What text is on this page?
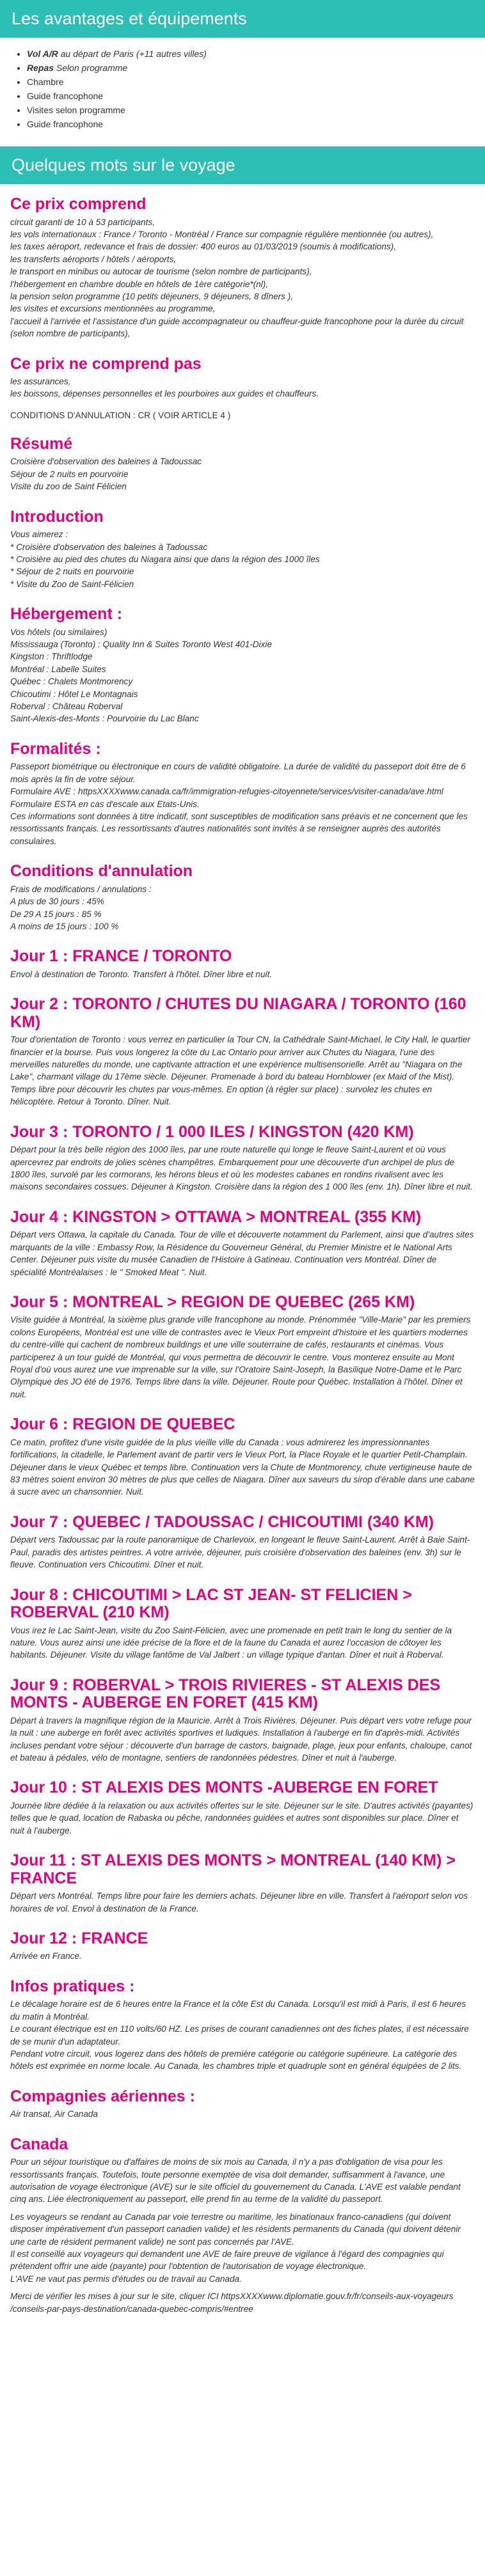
Les avantages et équipements
• Vol A/R au départ de Paris (+11 autres villes)
• Repas Selon programme
• Chambre
• Guide francophone
• Visites selon programme
• Guide francophone
Quelques mots sur le voyage
Ce prix comprend
circuit garanti de 10 à 53 participants,
les vols internationaux : France / Toronto - Montréal / France sur compagnie régulière mentionnée (ou autres),
les taxes aéroport, redevance et frais de dossier: 400 euros au 01/03/2019 (soumis à modifications),
les transferts aéroports / hôtels / aéroports,
le transport en minibus ou autocar de tourisme (selon nombre de participants),
l'hébergement en chambre double en hôtels de 1ère catégorie*(nl),
la pension selon programme (10 petits déjeuners, 9 déjeuners, 8 dîners ),
les visites et excursions mentionnées au programme,
l'accueil à l'arrivée et l'assistance d'un guide accompagnateur ou chauffeur-guide francophone pour la durée du circuit (selon nombre de participants),
Ce prix ne comprend pas
les assurances,
les boissons, dépenses personnelles et les pourboires aux guides et chauffeurs.
CONDITIONS D'ANNULATION : CR ( VOIR ARTICLE 4 )
Résumé
Croisière d'observation des baleines à Tadoussac
Séjour de 2 nuits en pourvoirie
Visite du zoo de Saint Félicien
Introduction
Vous aimerez :
* Croisière d'observation des baleines à Tadoussac
* Croisière au pied des chutes du Niagara ainsi que dans la région des 1000 îles
* Séjour de 2 nuits en pourvoirie
* Visite du Zoo de Saint-Félicien
Hébergement :
Vos hôtels (ou similaires)
Mississauga (Toronto) : Quality Inn & Suites Toronto West 401-Dixie
Kingston : Thriftlodge
Montréal : Labelle Suites
Québec : Chalets Montmorency
Chicoutimi : Hôtel Le Montagnais
Roberval : Château Roberval
Saint-Alexis-des-Monts : Pourvoirie du Lac Blanc
Formalités :
Passeport biométrique ou électronique en cours de validité obligatoire. La durée de validité du passeport doit être de 6 mois après la fin de votre séjour.
Formulaire AVE : httpsXXXXwww.canada.ca/fr/immigration-refugies-citoyennete/services/visiter-canada/ave.html
Formulaire ESTA en cas d'escale aux Etats-Unis.
Ces informations sont données à titre indicatif, sont susceptibles de modification sans préavis et ne concernent que les ressortissants français. Les ressortissants d'autres nationalités sont invités à se renseigner auprès des autorités consulaires.
Conditions d'annulation
Frais de modifications / annulations :
A plus de 30 jours : 45%
De 29 A 15 jours : 85 %
A moins de 15 jours : 100 %
Jour 1 : FRANCE / TORONTO
Envol à destination de Toronto. Transfert à l'hôtel. Dîner libre et nuit.
Jour 2 : TORONTO / CHUTES DU NIAGARA / TORONTO (160 KM)
Tour d'orientation de Toronto : vous verrez en particulier la Tour CN, la Cathédrale Saint-Michael, le City Hall, le quartier financier et la bourse. Puis vous longerez la côte du Lac Ontario pour arriver aux Chutes du Niagara, l'une des merveilles naturelles du monde, une captivante attraction et une expérience multisensorielle. Arrêt au "Niagara on the Lake", charmant village du 17ème siècle. Déjeuner. Promenade à bord du bateau Hornblower (ex Maid of the Mist). Temps libre pour découvrir les chutes par vous-mêmes. En option (à régler sur place) : survolez les chutes en hélicoptère. Retour à Toronto. Dîner. Nuit.
Jour 3 : TORONTO / 1 000 ILES / KINGSTON (420 KM)
Départ pour la très belle région des 1000 îles, par une route naturelle qui longe le fleuve Saint-Laurent et où vous apercevrez par endroits de jolies scènes champêtres. Embarquement pour une découverte d'un archipel de plus de 1800 îles, survolé par les cormorans, les hérons bleus et où les modestes cabanes en rondins rivalisent avec les maisons secondaires cossues. Déjeuner à Kingston. Croisière dans la région des 1 000 îles (env. 1h). Dîner libre et nuit.
Jour 4 : KINGSTON > OTTAWA > MONTREAL (355 KM)
Départ vers Ottawa, la capitale du Canada. Tour de ville et découverte notamment du Parlement, ainsi que d'autres sites marquants de la ville : Embassy Row, la Résidence du Gouverneur Général, du Premier Ministre et le National Arts Center. Déjeuner puis visite du musée Canadien de l'Histoire à Gatineau. Continuation vers Montréal. Dîner de spécialité Montréalaises : le " Smoked Meat ". Nuit.
Jour 5 : MONTREAL > REGION DE QUEBEC (265 KM)
Visite guidée à Montréal, la sixième plus grande ville francophone au monde. Prénommée "Ville-Marie" par les premiers colons Européens, Montréal est une ville de contrastes avec le Vieux Port empreint d'histoire et les quartiers modernes du centre-ville qui cachent de nombreux buildings et une ville souterraine de cafés, restaurants et cinémas. Vous participerez à un tour guidé de Montréal, qui vous permettra de découvrir le centre. Vous monterez ensuite au Mont Royal d'où vous aurez une vue imprenable sur la ville, sur l'Oratoire Saint-Joseph, la Basilique Notre-Dame et le Parc Olympique des JO été de 1976. Temps libre dans la ville. Déjeuner. Route pour Québec. Installation à l'hôtel. Dîner et nuit.
Jour 6 : REGION DE QUEBEC
Ce matin, profitez d'une visite guidée de la plus vieille ville du Canada : vous admirerez les impressionnantes fortifications, la citadelle, le Parlement avant de partir vers le Vieux Port, la Place Royale et le quartier Petit-Champlain. Déjeuner dans le vieux Québec et temps libre. Continuation vers la Chute de Montmorency, chute vertigineuse haute de 83 mètres soient environ 30 mètres de plus que celles de Niagara. Dîner aux saveurs du sirop d'érable dans une cabane à sucre avec un chansonnier. Nuit.
Jour 7 : QUEBEC / TADOUSSAC / CHICOUTIMI (340 KM)
Départ vers Tadoussac par la route panoramique de Charlevoix, en longeant le fleuve Saint-Laurent. Arrêt à Baie Saint-Paul, paradis des artistes peintres. A votre arrivée, déjeuner, puis croisière d'observation des baleines (env. 3h) sur le fleuve. Continuation vers Chicoutimi. Dîner et nuit.
Jour 8 : CHICOUTIMI > LAC ST JEAN- ST FELICIEN > ROBERVAL (210 KM)
Vous irez le Lac Saint-Jean, visite du Zoo Saint-Félicien, avec une promenade en petit train le long du sentier de la nature. Vous aurez ainsi une idée précise de la flore et de la faune du Canada et aurez l'occasion de côtoyer les habitants. Déjeuner. Visite du village fantôme de Val Jalbert : un village typique d'antan. Dîner et nuit à Roberval.
Jour 9 : ROBERVAL > TROIS RIVIERES - ST ALEXIS DES MONTS - AUBERGE EN FORET (415 KM)
Départ à travers la magnifique région de la Mauricie. Arrêt à Trois Rivières. Déjeuner. Puis départ vers votre refuge pour la nuit : une auberge en forêt avec activités sportives et ludiques. Installation à l'auberge en fin d'après-midi. Activités incluses pendant votre séjour : découverte d'un barrage de castors, baignade, plage, jeux pour enfants, chaloupe, canot et bateau à pédales, vélo de montagne, sentiers de randonnées pédestres. Dîner et nuit à l'auberge.
Jour 10 : ST ALEXIS DES MONTS -AUBERGE EN FORET
Journée libre dédiée à la relaxation ou aux activités offertes sur le site. Déjeuner sur le site. D'autres activités (payantes) telles que le quad, location de Rabaska ou pêche, randonnées guidées et autres sont disponibles sur place. Dîner et nuit à l'auberge.
Jour 11 : ST ALEXIS DES MONTS > MONTREAL (140 KM) > FRANCE
Départ vers Montréal. Temps libre pour faire les derniers achats. Déjeuner libre en ville. Transfert à l'aéroport selon vos horaires de vol. Envol à destination de la France.
Jour 12 : FRANCE
Arrivée en France.
Infos pratiques :
Le décalage horaire est de 6 heures entre la France et la côte Est du Canada. Lorsqu'il est midi à Paris, il est 6 heures du matin à Montréal.
Le courant électrique est en 110 volts/60 HZ. Les prises de courant canadiennes ont des fiches plates, il est nécessaire de se munir d'un adaptateur.
Pendant votre circuit, vous logerez dans des hôtels de première catégorie ou catégorie supérieure. La catégorie des hôtels est exprimée en norme locale. Au Canada, les chambres triple et quadruple sont en général équipées de 2 lits.
Compagnies aériennes :
Air transat, Air Canada
Canada
Pour un séjour touristique ou d'affaires de moins de six mois au Canada, il n'y a pas d'obligation de visa pour les ressortissants français. Toutefois, toute personne exemptée de visa doit demander, suffisamment à l'avance, une autorisation de voyage électronique (AVE) sur le site officiel du gouvernement du Canada. L'AVE est valable pendant cinq ans. Liée électroniquement au passeport, elle prend fin au terme de la validité du passeport.
Les voyageurs se rendant au Canada par voie terrestre ou maritime, les binationaux franco-canadiens (qui doivent disposer impérativement d'un passeport canadien valide) et les résidents permanents du Canada (qui doivent détenir une carte de résident permanent valide) ne sont pas concernés par l'AVE.
Il est conseillé aux voyageurs qui demandent une AVE de faire preuve de vigilance à l'égard des compagnies qui prétendent offrir une aide (payante) pour l'obtention de l'autorisation de voyage électronique.
L'AVE ne vaut pas permis d'études ou de travail au Canada.
Merci de vérifier les mises à jour sur le site, cliquer ICI httpsXXXXwww.diplomatie.gouv.fr/fr/conseils-aux-voyageurs /conseils-par-pays-destination/canada-quebec-compris/#entree
